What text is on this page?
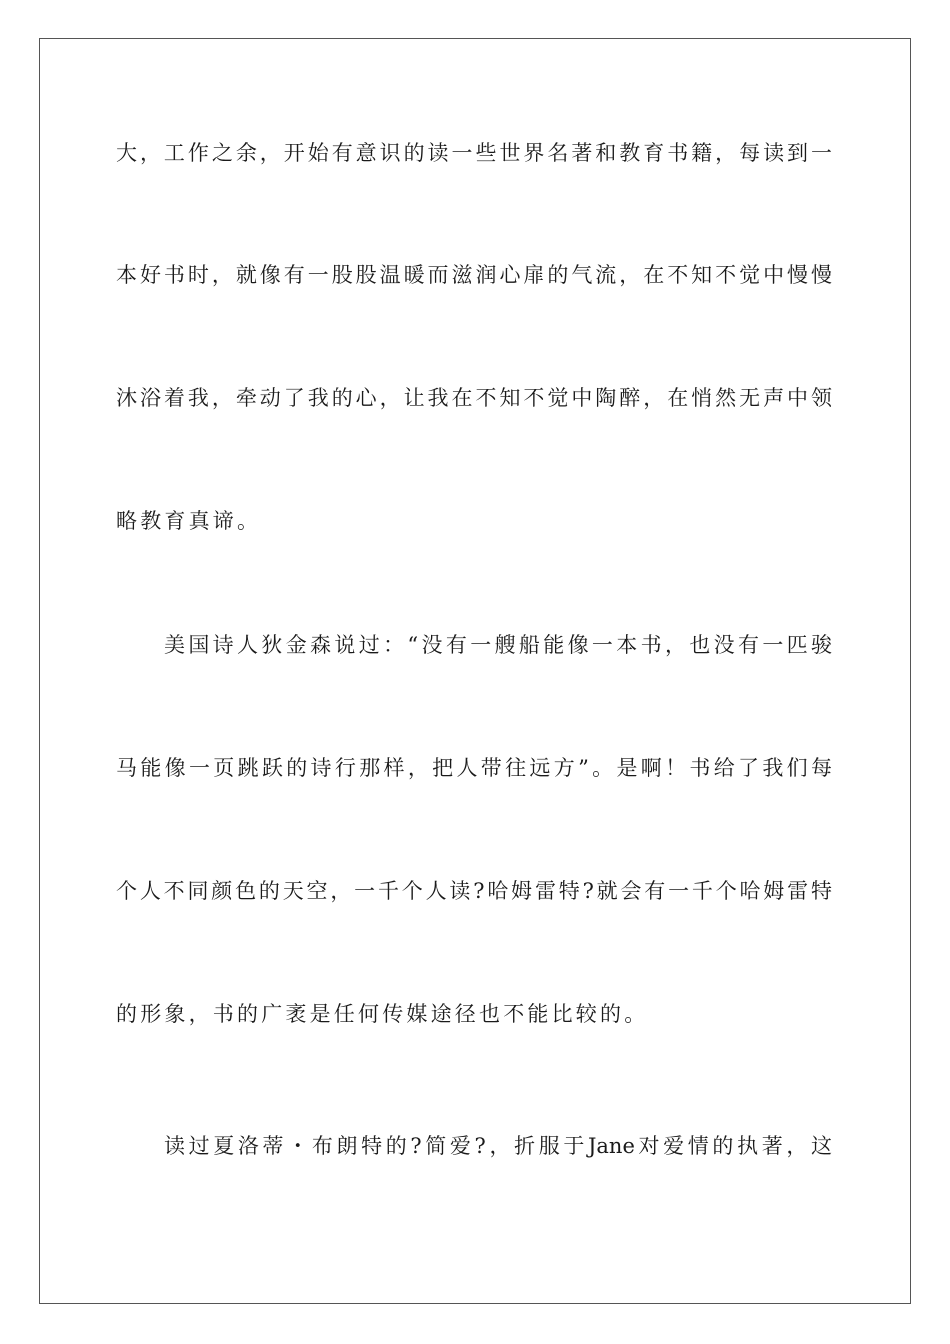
大，工作之余，开始有意识的读一些世界名著和教育书籍，每读到一
本好书时，就像有一股股温暖而滋润心扉的气流，在不知不觉中慢慢
沐浴着我，牵动了我的心，让我在不知不觉中陶醉，在悄然无声中领
略教育真谛。
美国诗人狄金森说过：“没有一艘船能像一本书，也没有一匹骏
马能像一页跳跃的诗行那样，把人带往远方”。是啊！书给了我们每
个人不同颜色的天空，一千个人读?哈姆雷特?就会有一千个哈姆雷特
的形象，书的广袤是任何传媒途径也不能比较的。
读过夏洛蒂・布朗特的?简爱?，折服于Jane对爱情的执著，这
